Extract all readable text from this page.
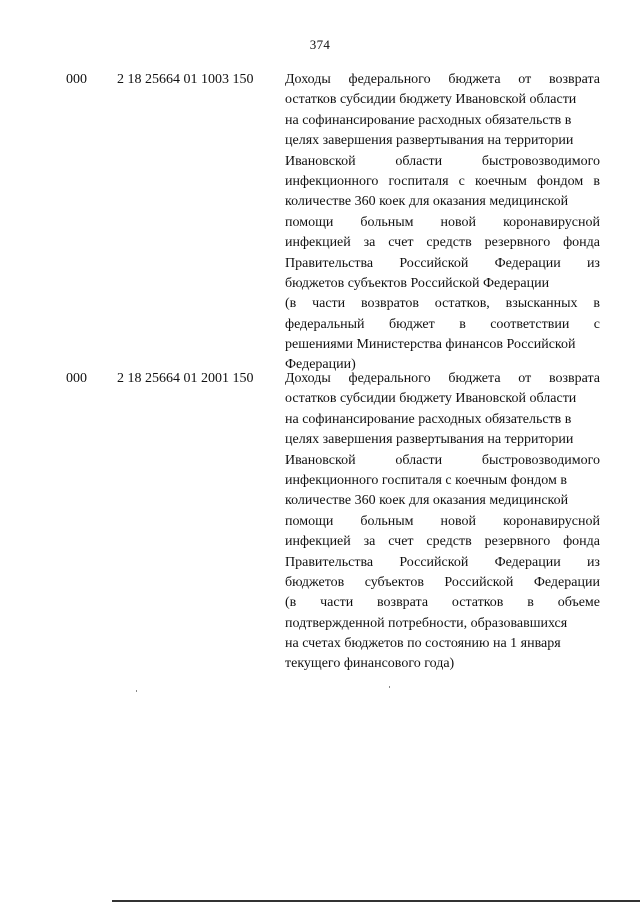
374
000 2 18 25664 01 1003 150 Доходы федерального бюджета от возврата
остатков субсидии бюджету Ивановской области
на софинансирование расходных обязательств в
целях завершения развертывания на территории
Ивановской	области	быстровозводимого
инфекционного госпиталя с коечным фондом в
количестве 360 коек для оказания медицинской
помощи больным новой коронавирусной
инфекцией за счет средств резервного фонда
Правительства Российской Федерации из
бюджетов субъектов Российской Федерации
(в части возвратов остатков, взысканных в
федеральный бюджет в соответствии с
решениями Министерства финансов Российской
Федерации)
000 2 18 25664 01 2001 150 Доходы федерального бюджета от возврата
остатков субсидии бюджету Ивановской области
на софинансирование расходных обязательств в
целях завершения развертывания на территории
Ивановской	области	быстровозводимого
инфекционного госпиталя с коечным фондом в
количестве 360 коек для оказания медицинской
помощи больным новой коронавирусной
инфекцией за счет средств резервного фонда
Правительства Российской Федерации из
бюджетов субъектов Российской Федерации
(в части возврата остатков в объеме
подтвержденной потребности, образовавшихся
на счетах бюджетов по состоянию на 1 января
текущего финансового года)
